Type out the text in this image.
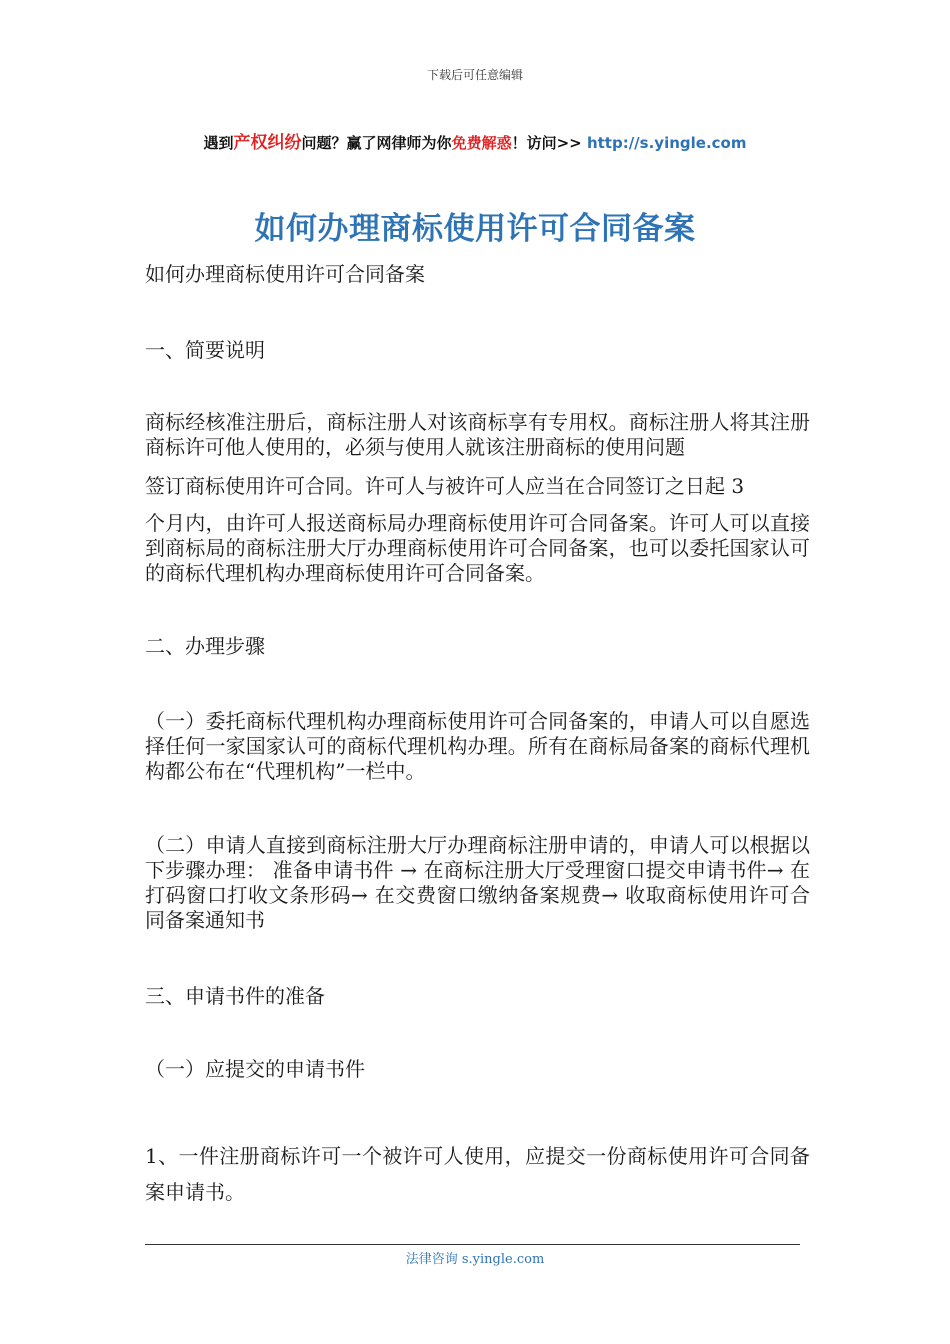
下载后可任意编辑
遇到产权纠纷问题？赢了网律师为你免费解惑！访问>> http://s.yingle.com
如何办理商标使用许可合同备案

如何办理商标使用许可合同备案

一、简要说明

商标经核准注册后，商标注册人对该商标享有专用权。商标注册人将其注册商标许可他人使用的，必须与使用人就该注册商标的使用问题

签订商标使用许可合同。许可人与被许可人应当在合同签订之日起 3

个月内，由许可人报送商标局办理商标使用许可合同备案。许可人可以直接到商标局的商标注册大厅办理商标使用许可合同备案，也可以委托国家认可的商标代理机构办理商标使用许可合同备案。

二、办理步骤

（一）委托商标代理机构办理商标使用许可合同备案的，申请人可以自愿选择任何一家国家认可的商标代理机构办理。所有在商标局备案的商标代理机构都公布在“代理机构”一栏中。

（二）申请人直接到商标注册大厅办理商标注册申请的，申请人可以根据以下步骤办理： 准备申请书件 → 在商标注册大厅受理窗口提交申请书件→ 在打码窗口打收文条形码→ 在交费窗口缴纳备案规费→ 收取商标使用许可合同备案通知书

三、申请书件的准备

（一）应提交的申请书件

1、一件注册商标许可一个被许可人使用，应提交一份商标使用许可合同备案申请书。

法律咨询 s.yingle.com
